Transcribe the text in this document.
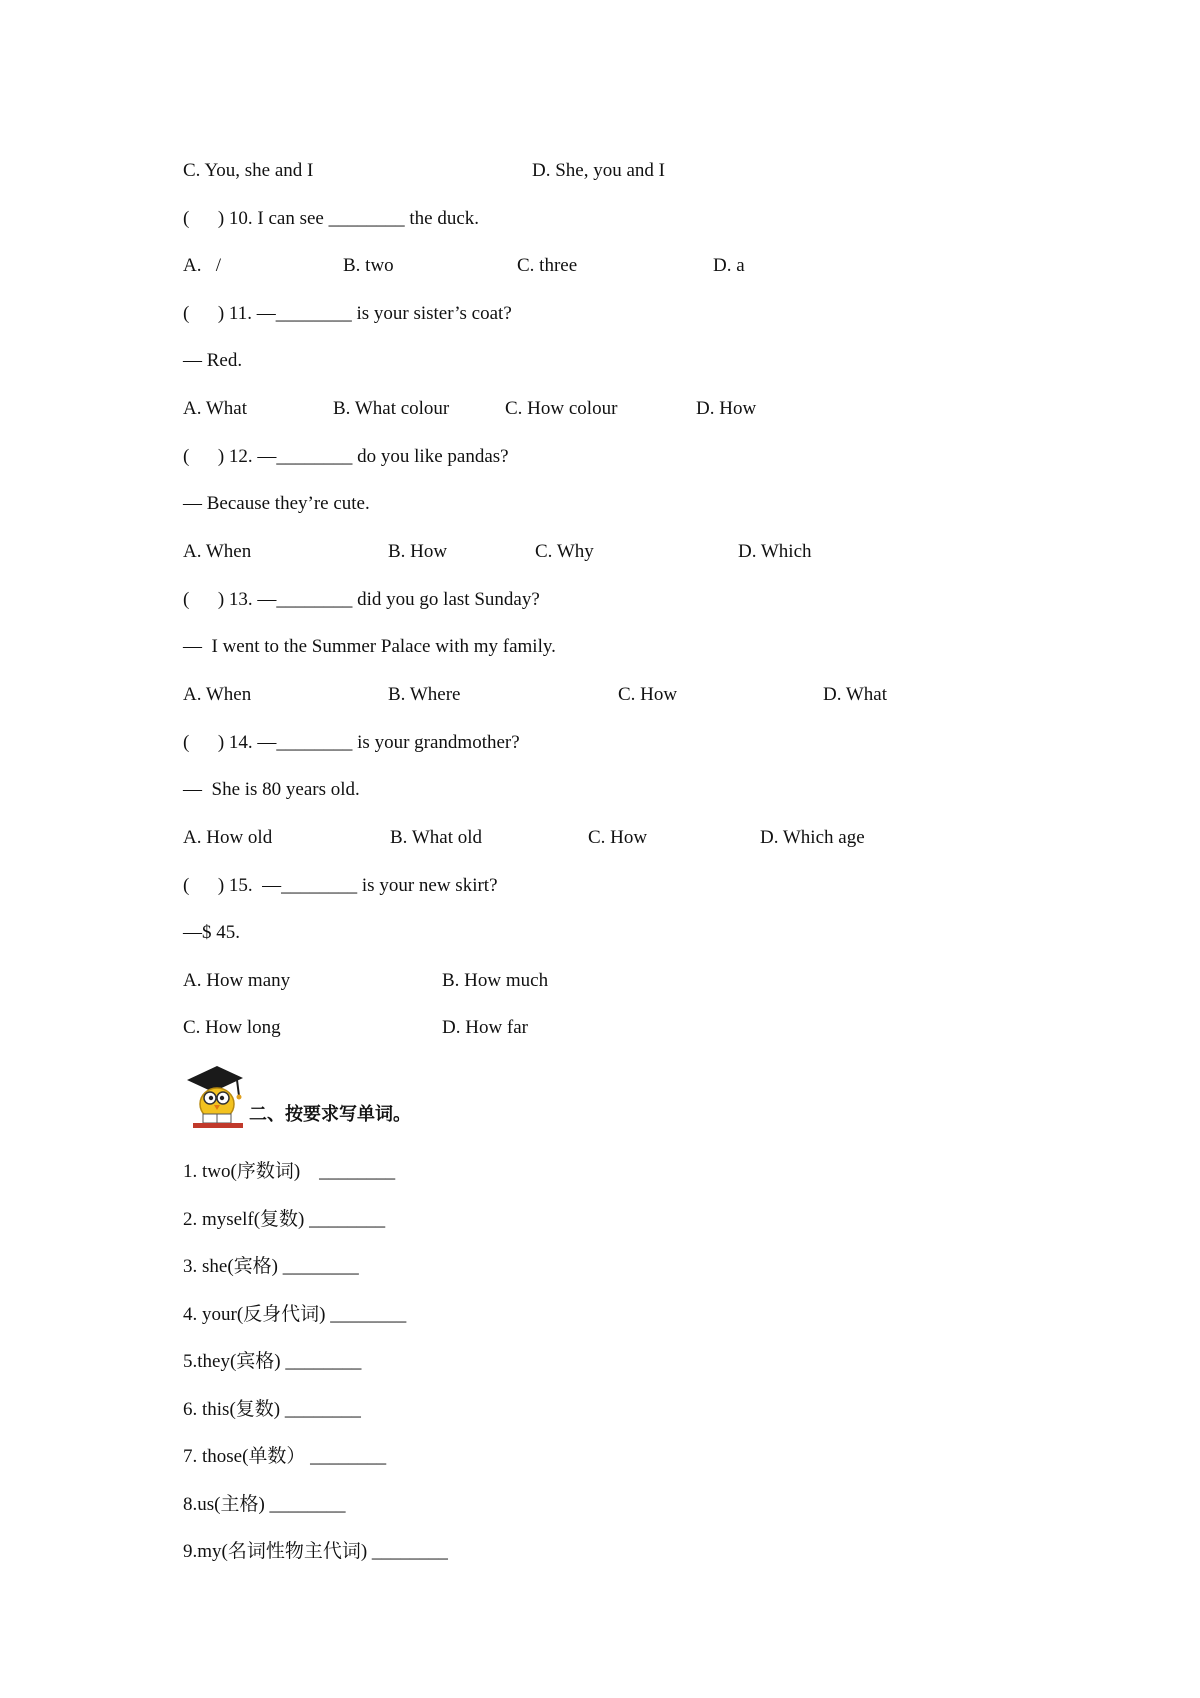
C. You, she and I	D. She, you and I
(      ) 10. I can see ________ the duck.
A.   /	B. two	C. three	D. a
(      ) 11. —________ is your sister’s coat?
— Red.
A. What	B. What colour	C. How colour	D. How
(      ) 12. —________ do you like pandas?
— Because they’re cute.
A. When	B. How	C. Why	D. Which
(      ) 13. —________ did you go last Sunday?
—  I went to the Summer Palace with my family.
A. When	B. Where	C. How	D. What
(      ) 14. —________ is your grandmother?
—  She is 80 years old.
A. How old	B. What old	C. How	D. Which age
(      ) 15.  —________ is your new skirt?
—$ 45.
A. How many	B. How much
C. How long	D. How far
二、按要求写单词。
1. two(序数词)    ________
2. myself(复数) ________
3. she(宾格) ________
4. your(反身代词) ________
5.they(宾格) ________
6. this(复数) ________
7. those(单数） ________
8.us(主格) ________
9.my(名词性物主代词) ________
